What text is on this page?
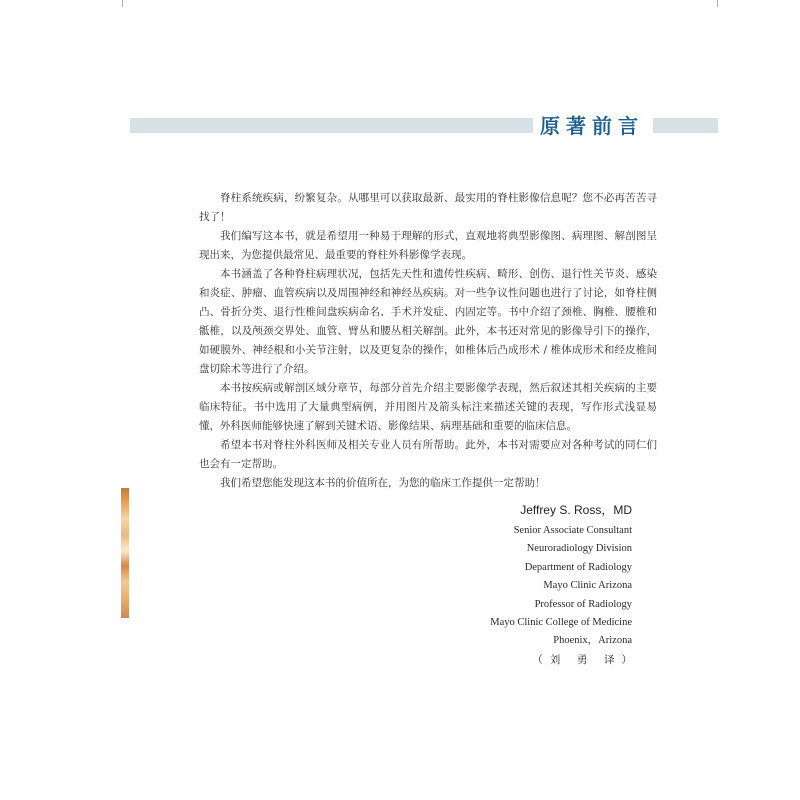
原著前言

脊柱系统疾病，纷繁复杂。从哪里可以获取最新、最实用的脊柱影像信息呢？您不必再苦苦寻找了！

我们编写这本书，就是希望用一种易于理解的形式，直观地将典型影像图、病理图、解剖图呈现出来，为您提供最常见、最重要的脊柱外科影像学表现。

本书涵盖了各种脊柱病理状况，包括先天性和遗传性疾病、畸形、创伤、退行性关节炎、感染和炎症、肿瘤、血管疾病以及周围神经和神经丛疾病。对一些争议性问题也进行了讨论，如脊柱侧凸、骨折分类、退行性椎间盘疾病命名、手术并发症、内固定等。书中介绍了颈椎、胸椎、腰椎和骶椎，以及颅颈交界处、血管、臂丛和腰丛相关解剖。此外，本书还对常见的影像导引下的操作，如硬膜外、神经根和小关节注射，以及更复杂的操作，如椎体后凸成形术 / 椎体成形术和经皮椎间盘切除术等进行了介绍。

本书按疾病或解剖区域分章节，每部分首先介绍主要影像学表现，然后叙述其相关疾病的主要临床特征。书中选用了大量典型病例，并用图片及箭头标注来描述关键的表现，写作形式浅显易懂，外科医师能够快速了解到关键术语、影像结果、病理基础和重要的临床信息。

希望本书对脊柱外科医师及相关专业人员有所帮助。此外，本书对需要应对各种考试的同仁们也会有一定帮助。

我们希望您能发现这本书的价值所在，为您的临床工作提供一定帮助！

Jeffrey S. Ross，MD
Senior Associate Consultant
Neuroradiology Division
Department of Radiology
Mayo Clinic Arizona
Professor of Radiology
Mayo Clinic College of Medicine
Phoenix，Arizona
（刘 勇 译）
